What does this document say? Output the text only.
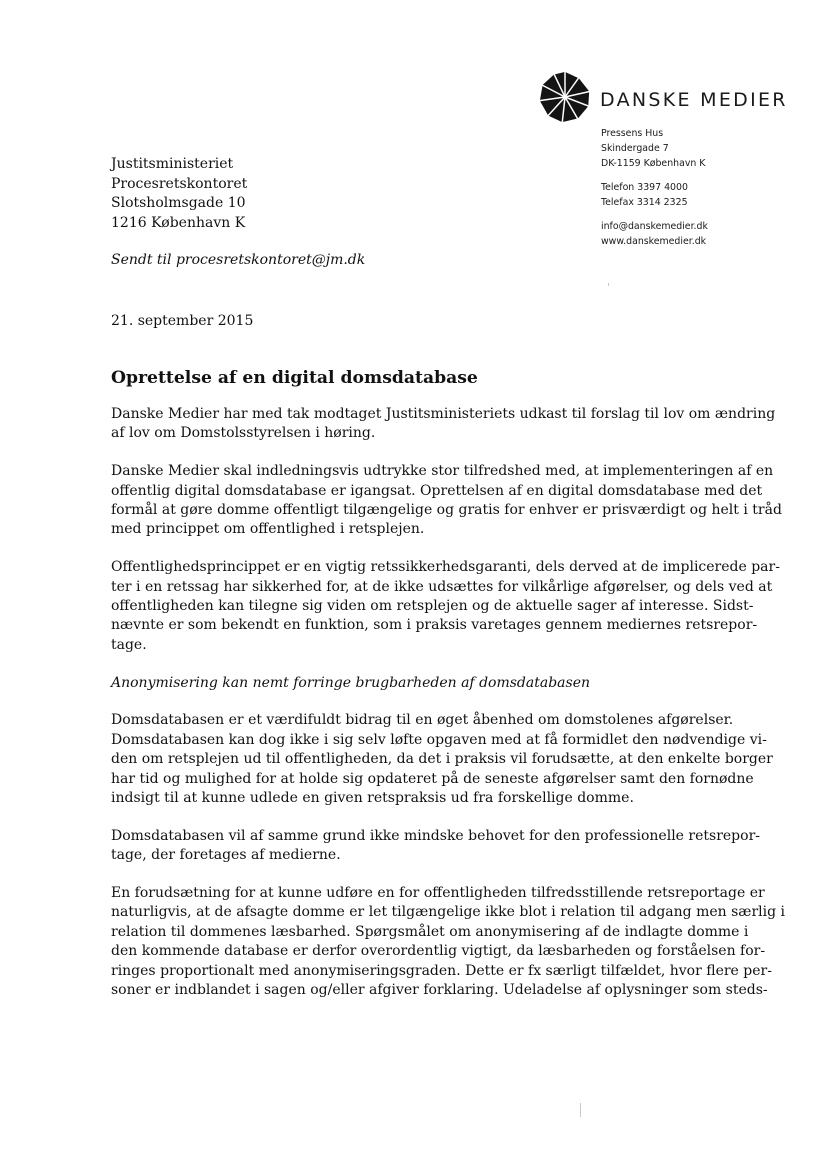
DANSKE MEDIER
Pressens Hus
Skindergade 7
DK-1159 København K
Telefon 3397 4000
Telefax 3314 2325
info@danskemedier.dk
www.danskemedier.dk
Justitsministeriet
Procesretskontoret
Slotsholmsgade 10
1216 København K
Sendt til procesretskontoret@jm.dk
21. september 2015
Oprettelse af en digital domsdatabase

Danske Medier har med tak modtaget Justitsministeriets udkast til forslag til lov om ændring
af lov om Domstolsstyrelsen i høring.

Danske Medier skal indledningsvis udtrykke stor tilfredshed med, at implementeringen af en
offentlig digital domsdatabase er igangsat. Oprettelsen af en digital domsdatabase med det
formål at gøre domme offentligt tilgængelige og gratis for enhver er prisværdigt og helt i tråd
med princippet om offentlighed i retsplejen.

Offentlighedsprincippet er en vigtig retssikkerhedsgaranti, dels derved at de implicerede par-
ter i en retssag har sikkerhed for, at de ikke udsættes for vilkårlige afgørelser, og dels ved at
offentligheden kan tilegne sig viden om retsplejen og de aktuelle sager af interesse. Sidst-
nævnte er som bekendt en funktion, som i praksis varetages gennem mediernes retsrepor-
tage.

Anonymisering kan nemt forringe brugbarheden af domsdatabasen

Domsdatabasen er et værdifuldt bidrag til en øget åbenhed om domstolenes afgørelser.
Domsdatabasen kan dog ikke i sig selv løfte opgaven med at få formidlet den nødvendige vi-
den om retsplejen ud til offentligheden, da det i praksis vil forudsætte, at den enkelte borger
har tid og mulighed for at holde sig opdateret på de seneste afgørelser samt den fornødne
indsigt til at kunne udlede en given retspraksis ud fra forskellige domme.

Domsdatabasen vil af samme grund ikke mindske behovet for den professionelle retsrepor-
tage, der foretages af medierne.

En forudsætning for at kunne udføre en for offentligheden tilfredsstillende retsreportage er
naturligvis, at de afsagte domme er let tilgængelige ikke blot i relation til adgang men særlig i
relation til dommenes læsbarhed. Spørgsmålet om anonymisering af de indlagte domme i
den kommende database er derfor overordentlig vigtigt, da læsbarheden og forståelsen for-
ringes proportionalt med anonymiseringsgraden. Dette er fx særligt tilfældet, hvor flere per-
soner er indblandet i sagen og/eller afgiver forklaring. Udeladelse af oplysninger som steds-
